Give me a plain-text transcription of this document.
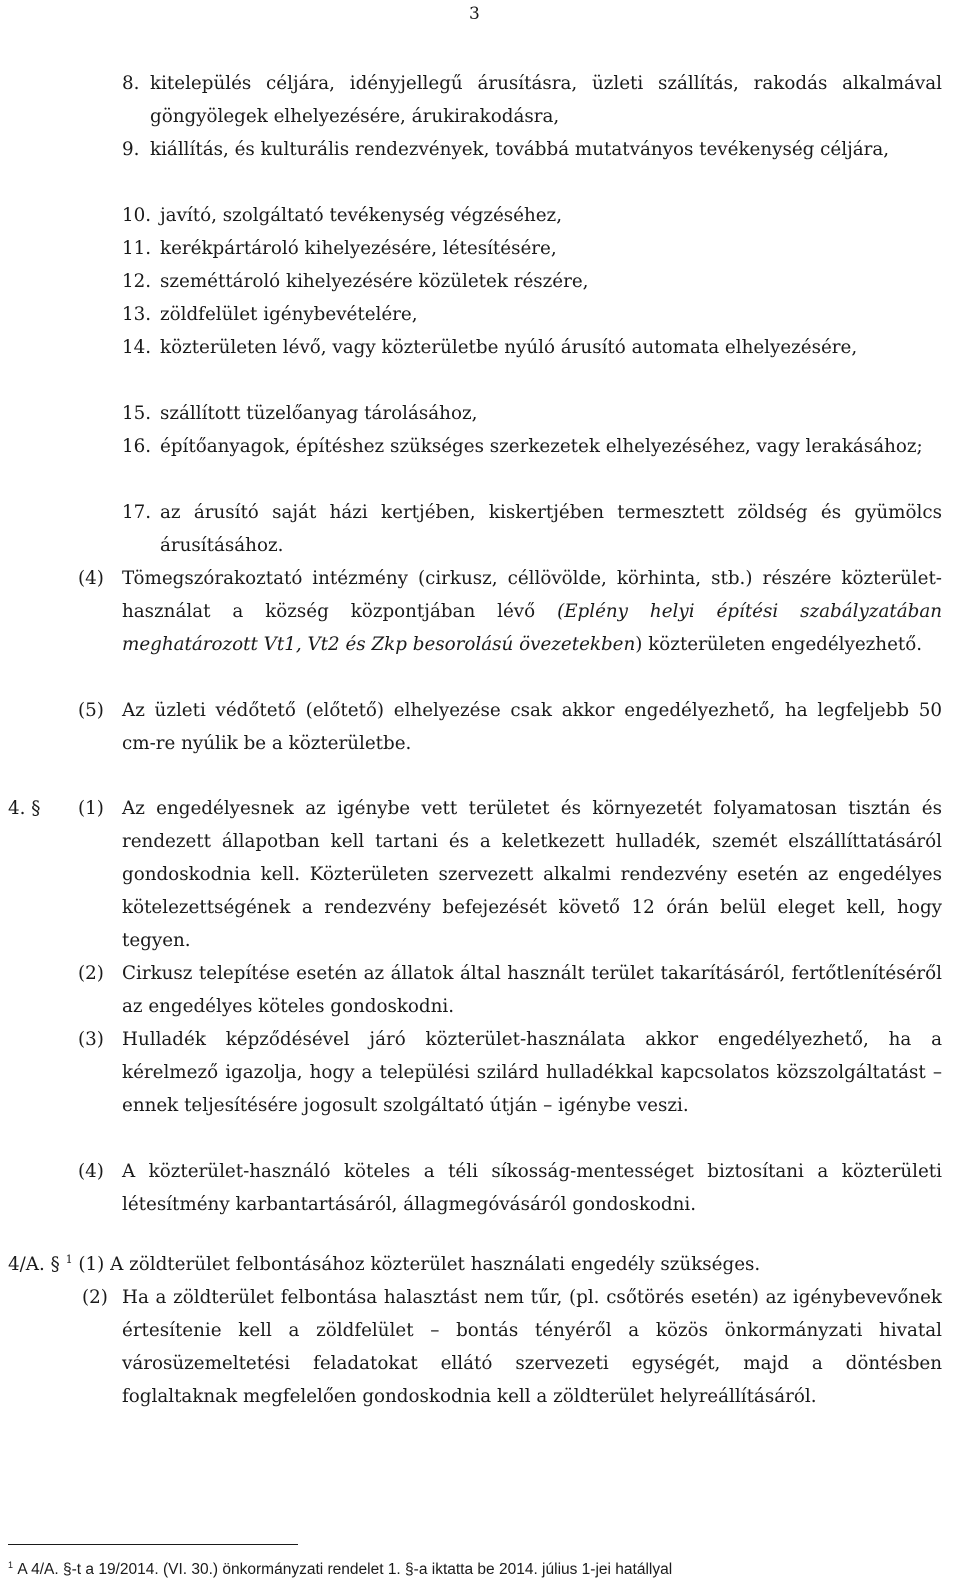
3
8. kitelepülés céljára, idényjellegű árusításra, üzleti szállítás, rakodás alkalmával göngyölegek elhelyezésére, árukirakodásra,
9. kiállítás, és kulturális rendezvények, továbbá mutatványos tevékenység céljára,
10. javító, szolgáltató tevékenység végzéséhez,
11. kerékpártároló kihelyezésére, létesítésére,
12. szeméttároló kihelyezésére közületek részére,
13. zöldfelület igénybevételére,
14. közterületen lévő, vagy közterületbe nyúló árusító automata elhelyezésére,
15. szállított tüzelőanyag tárolásához,
16. építőanyagok, építéshez szükséges szerkezetek elhelyezéséhez, vagy lerakásához;
17. az árusító saját házi kertjében, kiskertjében termesztett zöldség és gyümölcs árusításához.
(4) Tömegszórakoztató intézmény (cirkusz, céllövölde, körhinta, stb.) részére közterület-használat a község központjában lévő (Eplény helyi építési szabályzatában meghatározott Vt1, Vt2 és Zkp besorolású övezetekben) közterületen engedélyezhető.
(5) Az üzleti védőtető (előtető) elhelyezése csak akkor engedélyezhető, ha legfeljebb 50 cm-re nyúlik be a közterületbe.
4. § (1) Az engedélyesnek az igénybe vett területet és környezetét folyamatosan tisztán és rendezett állapotban kell tartani és a keletkezett hulladék, szemét elszállíttatásáról gondoskodnia kell. Közterületen szervezett alkalmi rendezvény esetén az engedélyes kötelezettségének a rendezvény befejezését követő 12 órán belül eleget kell, hogy tegyen.
(2) Cirkusz telepítése esetén az állatok által használt terület takarításáról, fertőtlenítéséről az engedélyes köteles gondoskodni.
(3) Hulladék képződésével járó közterület-használata akkor engedélyezhető, ha a kérelmező igazolja, hogy a települési szilárd hulladékkal kapcsolatos közszolgáltatást – ennek teljesítésére jogosult szolgáltató útján – igénybe veszi.
(4) A közterület-használó köteles a téli síkosság-mentességet biztosítani a közterületi létesítmény karbantartásáról, állagmegóvásáról gondoskodni.
4/A. § $^1$ (1) A zöldterület felbontásához közterület használati engedély szükséges.
(2) Ha a zöldterület felbontása halasztást nem tűr, (pl. csőtörés esetén) az igénybevevőnek értesítenie kell a zöldfelület – bontás tényéről a közös önkormányzati hivatal városüzemeltetési feladatokat ellátó szervezeti egységét, majd a döntésben foglaltaknak megfelelően gondoskodnia kell a zöldterület helyreállításáról.
$^1$ A 4/A. §-t a 19/2014. (VI. 30.) önkormányzati rendelet 1. §-a iktatta be 2014. július 1-jei hatállyal
